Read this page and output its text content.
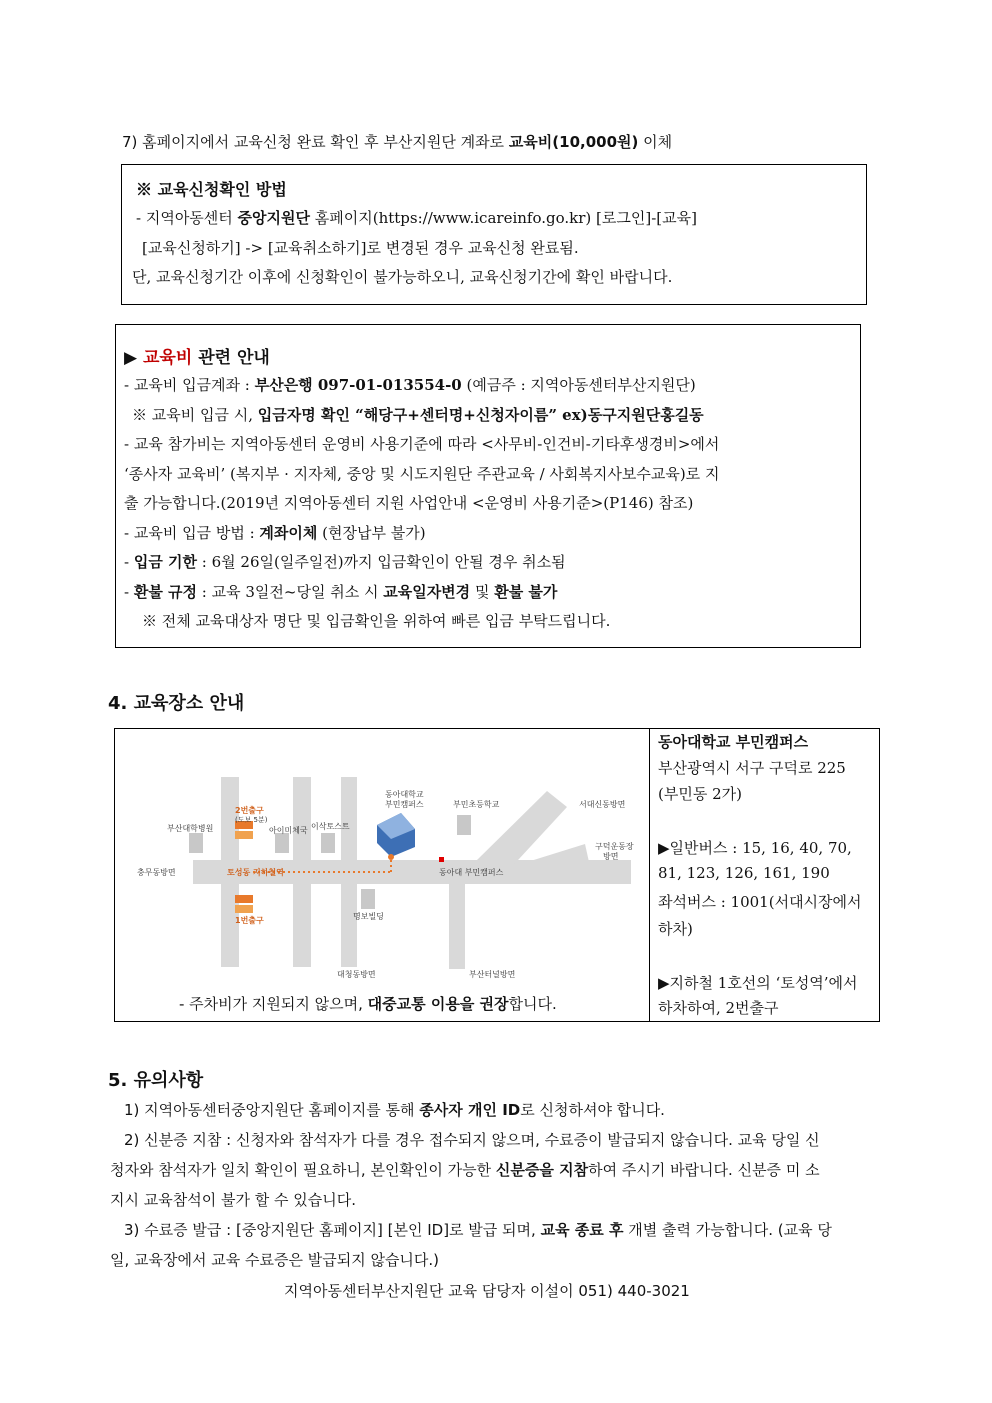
7) 홈페이지에서 교육신청 완료 확인 후 부산지원단 계좌로 교육비(10,000원) 이체
※ 교육신청확인 방법
- 지역아동센터 중앙지원단 홈페이지(https://www.icareinfo.go.kr) [로그인]-[교육]
[교육신청하기] -> [교육취소하기]로 변경된 경우 교육신청 완료됨.
단, 교육신청기간 이후에 신청확인이 불가능하오니, 교육신청기간에 확인 바랍니다.
▶ 교육비 관련 안내
- 교육비 입금계좌 : 부산은행 097-01-013554-0 (예금주 : 지역아동센터부산지원단)
※ 교육비 입금 시, 입금자명 확인 “해당구+센터명+신청자이름” ex)동구지원단홍길동
- 교육 참가비는 지역아동센터 운영비 사용기준에 따라 <사무비-인건비-기타후생경비>에서
‘종사자 교육비’ (복지부 · 지자체, 중앙 및 시도지원단 주관교육 / 사회복지사보수교육)로 지
출 가능합니다.(2019년 지역아동센터 지원 사업안내 <운영비 사용기준>(P146) 참조)
- 교육비 입금 방법 : 계좌이체 (현장납부 불가)
- 입금 기한 : 6월 26일(일주일전)까지 입금확인이 안될 경우 취소됨
- 환불 규정 : 교육 3일전~당일 취소 시 교육일자변경 및 환불 불가
※ 전체 교육대상자 명단 및 입금확인을 위하여 빠른 입금 부탁드립니다.
4. 교육장소 안내
부산대학병원
2번출구
(도보 5분)
아이미체국 이삭토스트
동아대학교
부민캠퍼스	부민초등학교	서대신동방면
구덕운동장
방면
충무동방면	토성동 지하철역	동아대 부민캠퍼스
명보빌딩
1번출구
대청동방면	부산터널방면
- 주차비가 지원되지 않으며, 대중교통 이용을 권장합니다.
동아대학교 부민캠퍼스
부산광역시 서구 구덕로 225
(부민동 2가)
▶일반버스 : 15, 16, 40, 70,
81, 123, 126, 161, 190
좌석버스 : 1001(서대시장에서
하차)
▶지하철 1호선의 ‘토성역’에서
하차하여, 2번출구
5. 유의사항
1) 지역아동센터중앙지원단 홈페이지를 통해 종사자 개인 ID로 신청하셔야 합니다.
2) 신분증 지참 : 신청자와 참석자가 다를 경우 접수되지 않으며, 수료증이 발급되지 않습니다. 교육 당일 신
청자와 참석자가 일치 확인이 필요하니, 본인확인이 가능한 신분증을 지참하여 주시기 바랍니다. 신분증 미 소
지시 교육참석이 불가 할 수 있습니다.
3) 수료증 발급 : [중앙지원단 홈페이지] [본인 ID]로 발급 되며, 교육 종료 후 개별 출력 가능합니다. (교육 당
일, 교육장에서 교육 수료증은 발급되지 않습니다.)
지역아동센터부산지원단 교육 담당자 이설이 051) 440-3021
